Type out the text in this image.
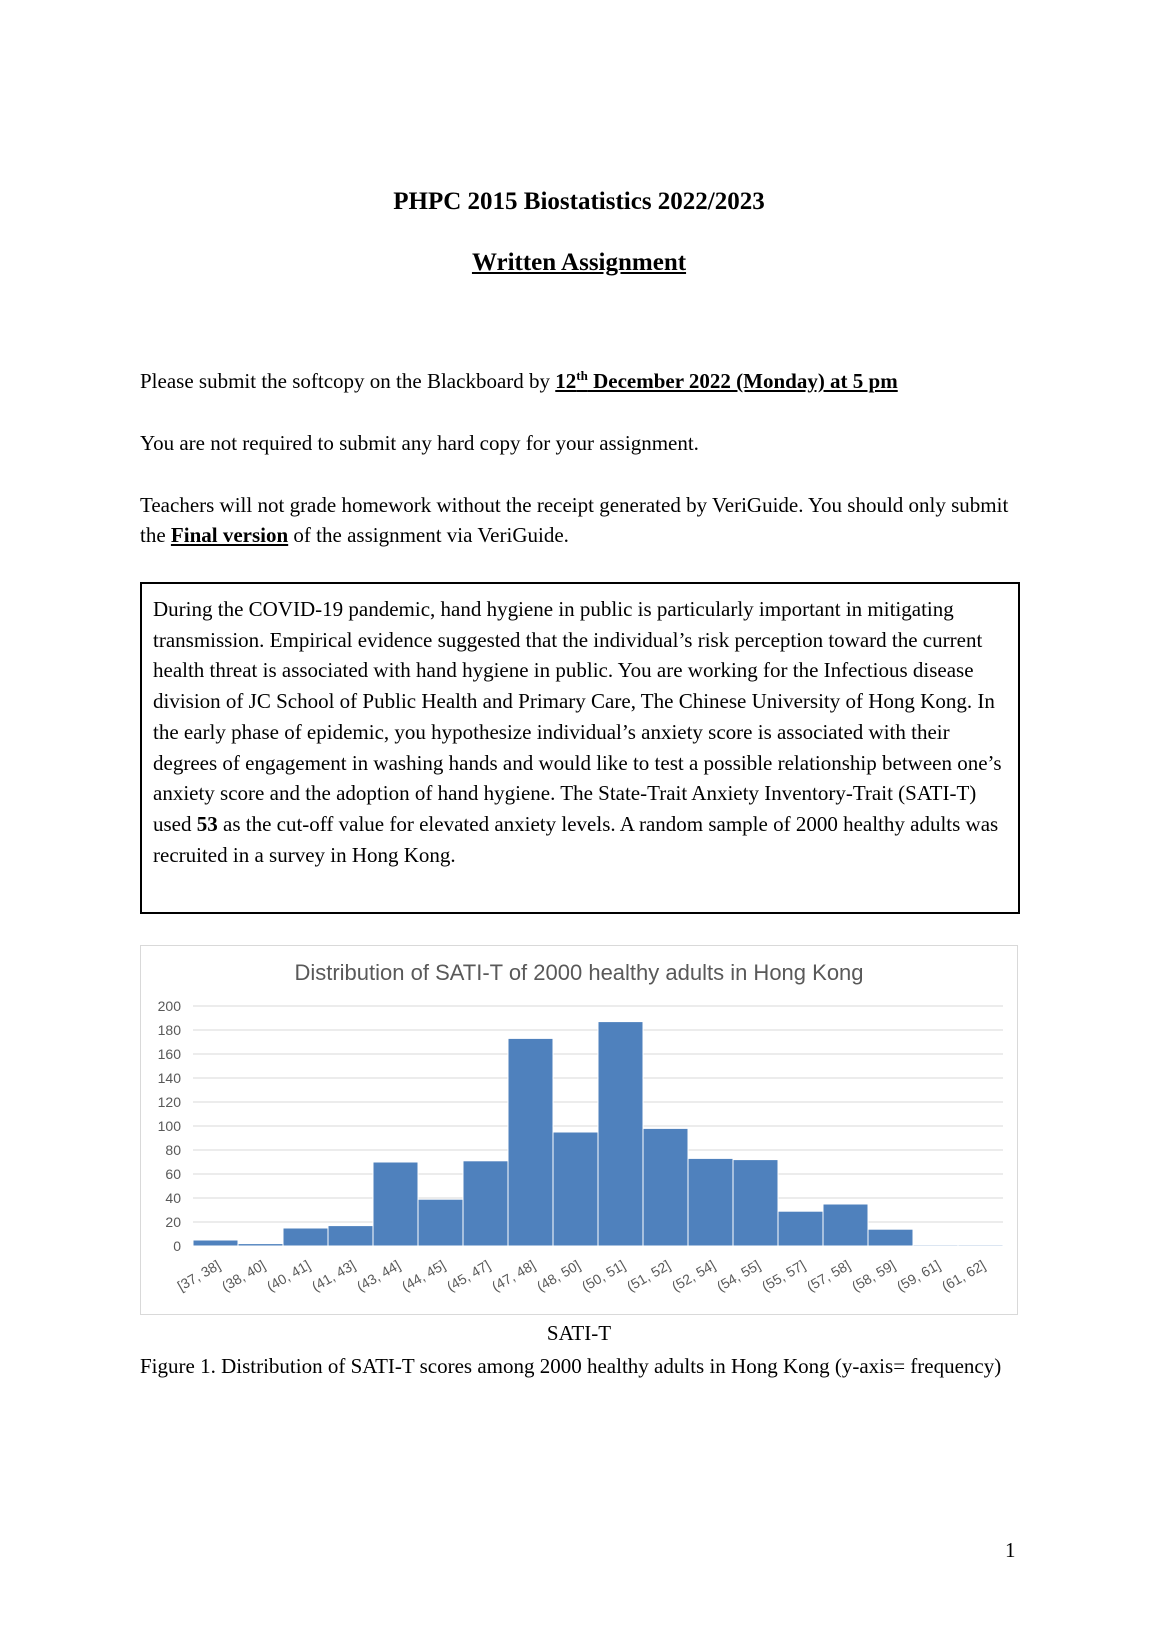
PHPC 2015 Biostatistics 2022/2023
Written Assignment
Please submit the softcopy on the Blackboard by 12th December 2022 (Monday) at 5 pm
You are not required to submit any hard copy for your assignment.
Teachers will not grade homework without the receipt generated by VeriGuide. You should only submit the Final version of the assignment via VeriGuide.
During the COVID-19 pandemic, hand hygiene in public is particularly important in mitigating transmission. Empirical evidence suggested that the individual’s risk perception toward the current health threat is associated with hand hygiene in public. You are working for the Infectious disease division of JC School of Public Health and Primary Care, The Chinese University of Hong Kong. In the early phase of epidemic, you hypothesize individual’s anxiety score is associated with their degrees of engagement in washing hands and would like to test a possible relationship between one’s anxiety score and the adoption of hand hygiene. The State-Trait Anxiety Inventory-Trait (SATI-T) used 53 as the cut-off value for elevated anxiety levels. A random sample of 2000 healthy adults was recruited in a survey in Hong Kong.
Distribution of SATI-T of 2000 healthy adults in Hong Kong
0
20
40
60
80
100
120
140
160
180
200
[37, 38]
(38, 40]
(40, 41]
(41, 43]
(43, 44]
(44, 45]
(45, 47]
(47, 48]
(48, 50]
(50, 51]
(51, 52]
(52, 54]
(54, 55]
(55, 57]
(57, 58]
(58, 59]
(59, 61]
(61, 62]
SATI-T
Figure 1. Distribution of SATI-T scores among 2000 healthy adults in Hong Kong (y-axis= frequency)
1
